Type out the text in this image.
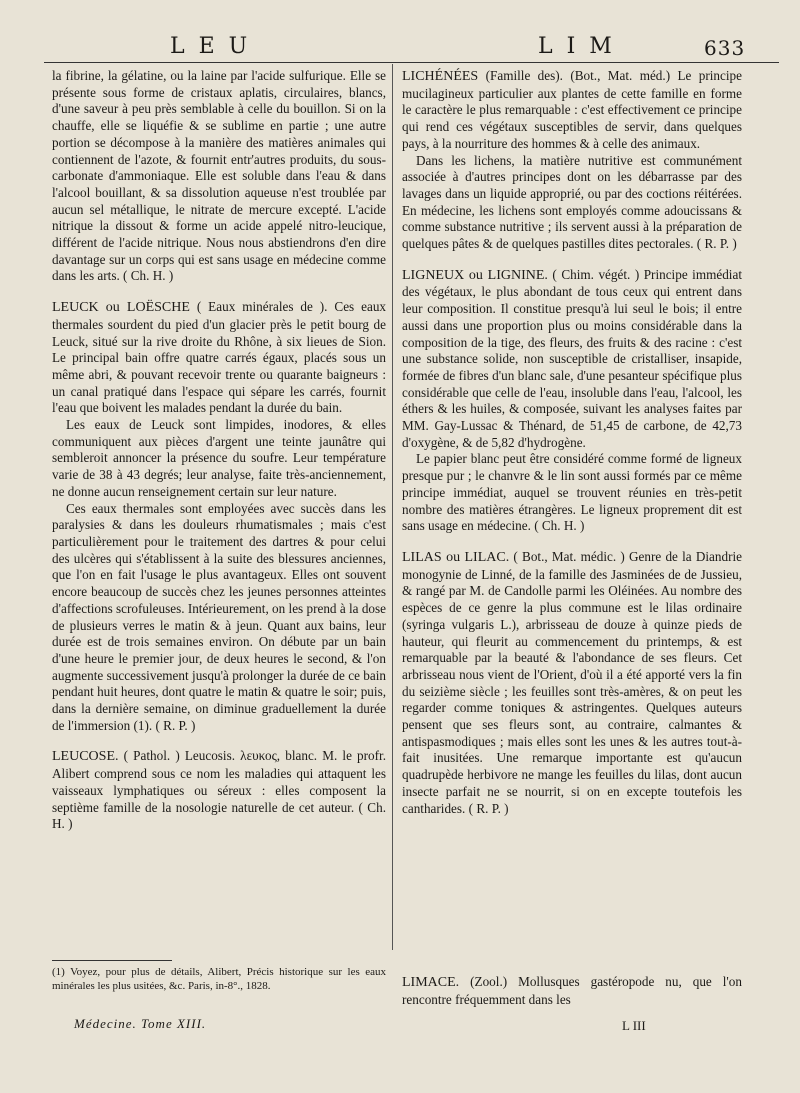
LEU	LIM	633

la fibrine, la gélatine, ou la laine par l'acide sulfurique. Elle se présente sous forme de cristaux aplatis, circulaires, blancs, d'une saveur à peu près semblable à celle du bouillon. Si on la chauffe, elle se liquéfie & se sublime en partie ; une autre portion se décompose à la manière des matières animales qui contiennent de l'azote, & fournit entr'autres produits, du sous-carbonate d'ammoniaque. Elle est soluble dans l'eau & dans l'alcool bouillant, & sa dissolution aqueuse n'est troublée par aucun sel métallique, le nitrate de mercure excepté. L'acide nitrique la dissout & forme un acide appelé nitro-leucique, différent de l'acide nitrique. Nous nous abstiendrons d'en dire davantage sur un corps qui est sans usage en médecine comme dans les arts. ( Ch. H. )

LEUCK ou LOËSCHE ( Eaux minérales de ). Ces eaux thermales sourdent du pied d'un glacier près le petit bourg de Leuck, situé sur la rive droite du Rhône, à six lieues de Sion. Le principal bain offre quatre carrés égaux, placés sous un même abri, & pouvant recevoir trente ou quarante baigneurs : un canal pratiqué dans l'espace qui sépare les carrés, fournit l'eau que boivent les malades pendant la durée du bain.

Les eaux de Leuck sont limpides, inodores, & elles communiquent aux pièces d'argent une teinte jaunâtre qui sembleroit annoncer la présence du soufre. Leur température varie de 38 à 43 degrés; leur analyse, faite très-anciennement, ne donne aucun renseignement certain sur leur nature.

Ces eaux thermales sont employées avec succès dans les paralysies & dans les douleurs rhumatismales ; mais c'est particulièrement pour le traitement des dartres & pour celui des ulcères qui s'établissent à la suite des blessures anciennes, que l'on en fait l'usage le plus avantageux. Elles ont souvent encore beaucoup de succès chez les jeunes personnes atteintes d'affections scrofuleuses. Intérieurement, on les prend à la dose de plusieurs verres le matin & à jeun. Quant aux bains, leur durée est de trois semaines environ. On débute par un bain d'une heure le premier jour, de deux heures le second, & l'on augmente successivement jusqu'à prolonger la durée de ce bain pendant huit heures, dont quatre le matin & quatre le soir; puis, dans la dernière semaine, on diminue graduellement la durée de l'immersion (1). ( R. P. )

LEUCOSE. ( Pathol. ) Leucosis. λευκος, blanc. M. le profr. Alibert comprend sous ce nom les maladies qui attaquent les vaisseaux lymphatiques ou séreux : elles composent la septième famille de la nosologie naturelle de cet auteur. ( Ch. H. )

LICHÉNÉES (Famille des). (Bot., Mat. méd.) Le principe mucilagineux particulier aux plantes de cette famille en forme le caractère le plus remarquable : c'est effectivement ce principe qui rend ces végétaux susceptibles de servir, dans quelques pays, à la nourriture des hommes & à celle des animaux.

Dans les lichens, la matière nutritive est communément associée à d'autres principes dont on les débarrasse par des lavages dans un liquide approprié, ou par des coctions réitérées. En médecine, les lichens sont employés comme adoucissans & comme substance nutritive ; ils servent aussi à la préparation de quelques pâtes & de quelques pastilles dites pectorales. ( R. P. )

LIGNEUX ou LIGNINE. ( Chim. végét. ) Principe immédiat des végétaux, le plus abondant de tous ceux qui entrent dans leur composition. Il constitue presqu'à lui seul le bois; il entre aussi dans une proportion plus ou moins considérable dans la composition de la tige, des fleurs, des fruits & des racine : c'est une substance solide, non susceptible de cristalliser, insapide, formée de fibres d'un blanc sale, d'une pesanteur spécifique plus considérable que celle de l'eau, insoluble dans l'eau, l'alcool, les éthers & les huiles, & composée, suivant les analyses faites par MM. Gay-Lussac & Thénard, de 51,45 de carbone, de 42,73 d'oxygène, & de 5,82 d'hydrogène.

Le papier blanc peut être considéré comme formé de ligneux presque pur ; le chanvre & le lin sont aussi formés par ce même principe immédiat, auquel se trouvent réunies en très-petit nombre des matières étrangères. Le ligneux proprement dit est sans usage en médecine. ( Ch. H. )

LILAS ou LILAC. ( Bot., Mat. médic. ) Genre de la Diandrie monogynie de Linné, de la famille des Jasminées de de Jussieu, & rangé par M. de Candolle parmi les Oléinées. Au nombre des espèces de ce genre la plus commune est le lilas ordinaire (syringa vulgaris L.), arbrisseau de douze à quinze pieds de hauteur, qui fleurit au commencement du printemps, & est remarquable par la beauté & l'abondance de ses fleurs. Cet arbrisseau nous vient de l'Orient, d'où il a été apporté vers la fin du seizième siècle ; les feuilles sont très-amères, & on peut les regarder comme toniques & astringentes. Quelques auteurs pensent que ses fleurs sont, au contraire, calmantes & antispasmodiques ; mais elles sont les unes & les autres tout-à-fait inusitées. Une remarque importante est qu'aucun quadrupède herbivore ne mange les feuilles du lilas, dont aucun insecte parfait ne se nourrit, si on en excepte toutefois les cantharides. ( R. P. )

(1) Voyez, pour plus de détails, Alibert, Précis historique sur les eaux minérales les plus usitées, &c. Paris, in-8°., 1828.
Médecine. Tome XIII.

LIMACE. (Zool.) Mollusques gastéropode nu, que l'on rencontre fréquemment dans les

L III
